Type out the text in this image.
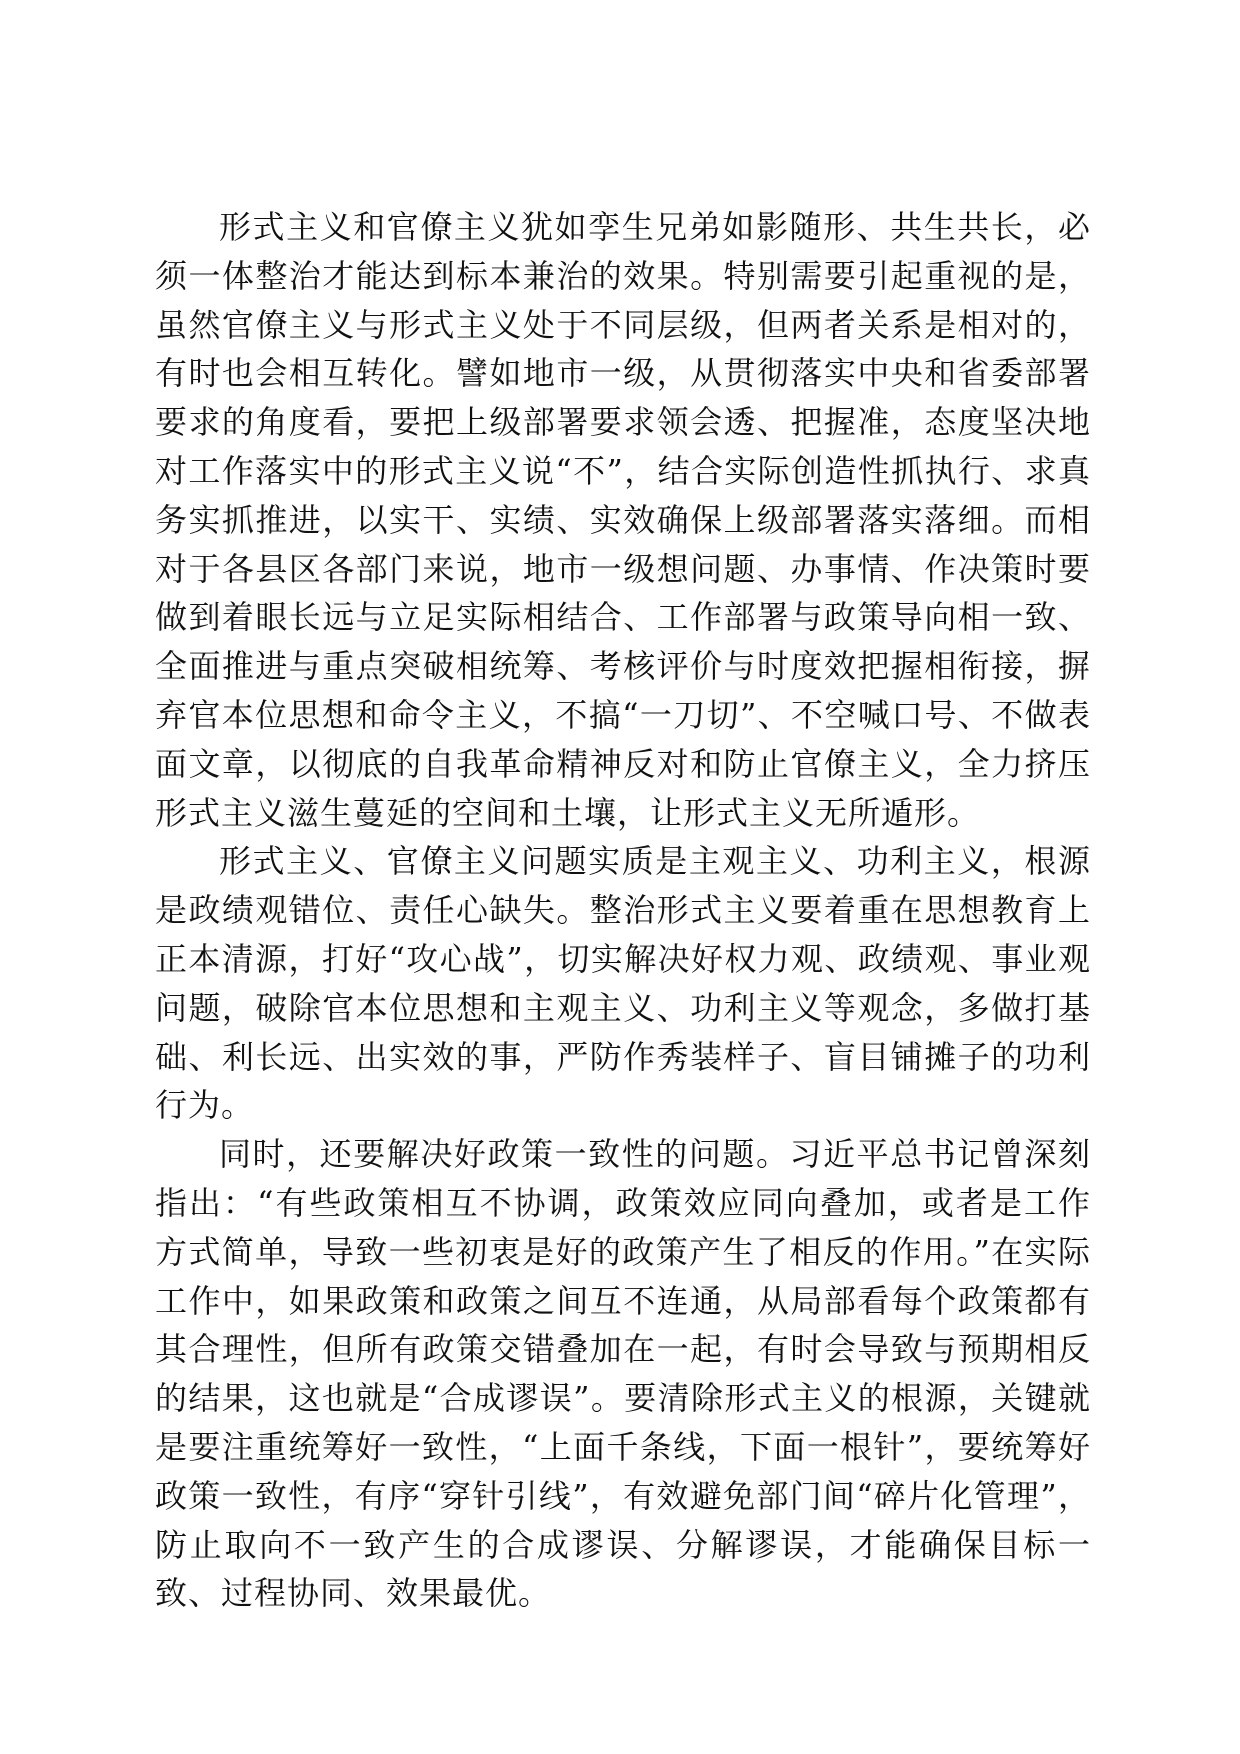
形式主义和官僚主义犹如孪生兄弟如影随形、共生共长，必须一体整治才能达到标本兼治的效果。特别需要引起重视的是，虽然官僚主义与形式主义处于不同层级，但两者关系是相对的，有时也会相互转化。譬如地市一级，从贯彻落实中央和省委部署要求的角度看，要把上级部署要求领会透、把握准，态度坚决地对工作落实中的形式主义说“不”，结合实际创造性抓执行、求真务实抓推进，以实干、实绩、实效确保上级部署落实落细。而相对于各县区各部门来说，地市一级想问题、办事情、作决策时要做到着眼长远与立足实际相结合、工作部署与政策导向相一致、全面推进与重点突破相统筹、考核评价与时度效把握相衔接，摒弃官本位思想和命令主义，不搞“一刀切”、不空喊口号、不做表面文章，以彻底的自我革命精神反对和防止官僚主义，全力挤压形式主义滋生蔓延的空间和土壤，让形式主义无所遁形。

形式主义、官僚主义问题实质是主观主义、功利主义，根源是政绩观错位、责任心缺失。整治形式主义要着重在思想教育上正本清源，打好“攻心战”，切实解决好权力观、政绩观、事业观问题，破除官本位思想和主观主义、功利主义等观念，多做打基础、利长远、出实效的事，严防作秀装样子、盲目铺摊子的功利行为。

同时，还要解决好政策一致性的问题。习近平总书记曾深刻指出：“有些政策相互不协调，政策效应同向叠加，或者是工作方式简单，导致一些初衷是好的政策产生了相反的作用。”在实际工作中，如果政策和政策之间互不连通，从局部看每个政策都有其合理性，但所有政策交错叠加在一起，有时会导致与预期相反的结果，这也就是“合成谬误”。要清除形式主义的根源，关键就是要注重统筹好一致性，“上面千条线，下面一根针”，要统筹好政策一致性，有序“穿针引线”，有效避免部门间“碎片化管理”，防止取向不一致产生的合成谬误、分解谬误，才能确保目标一致、过程协同、效果最优。
